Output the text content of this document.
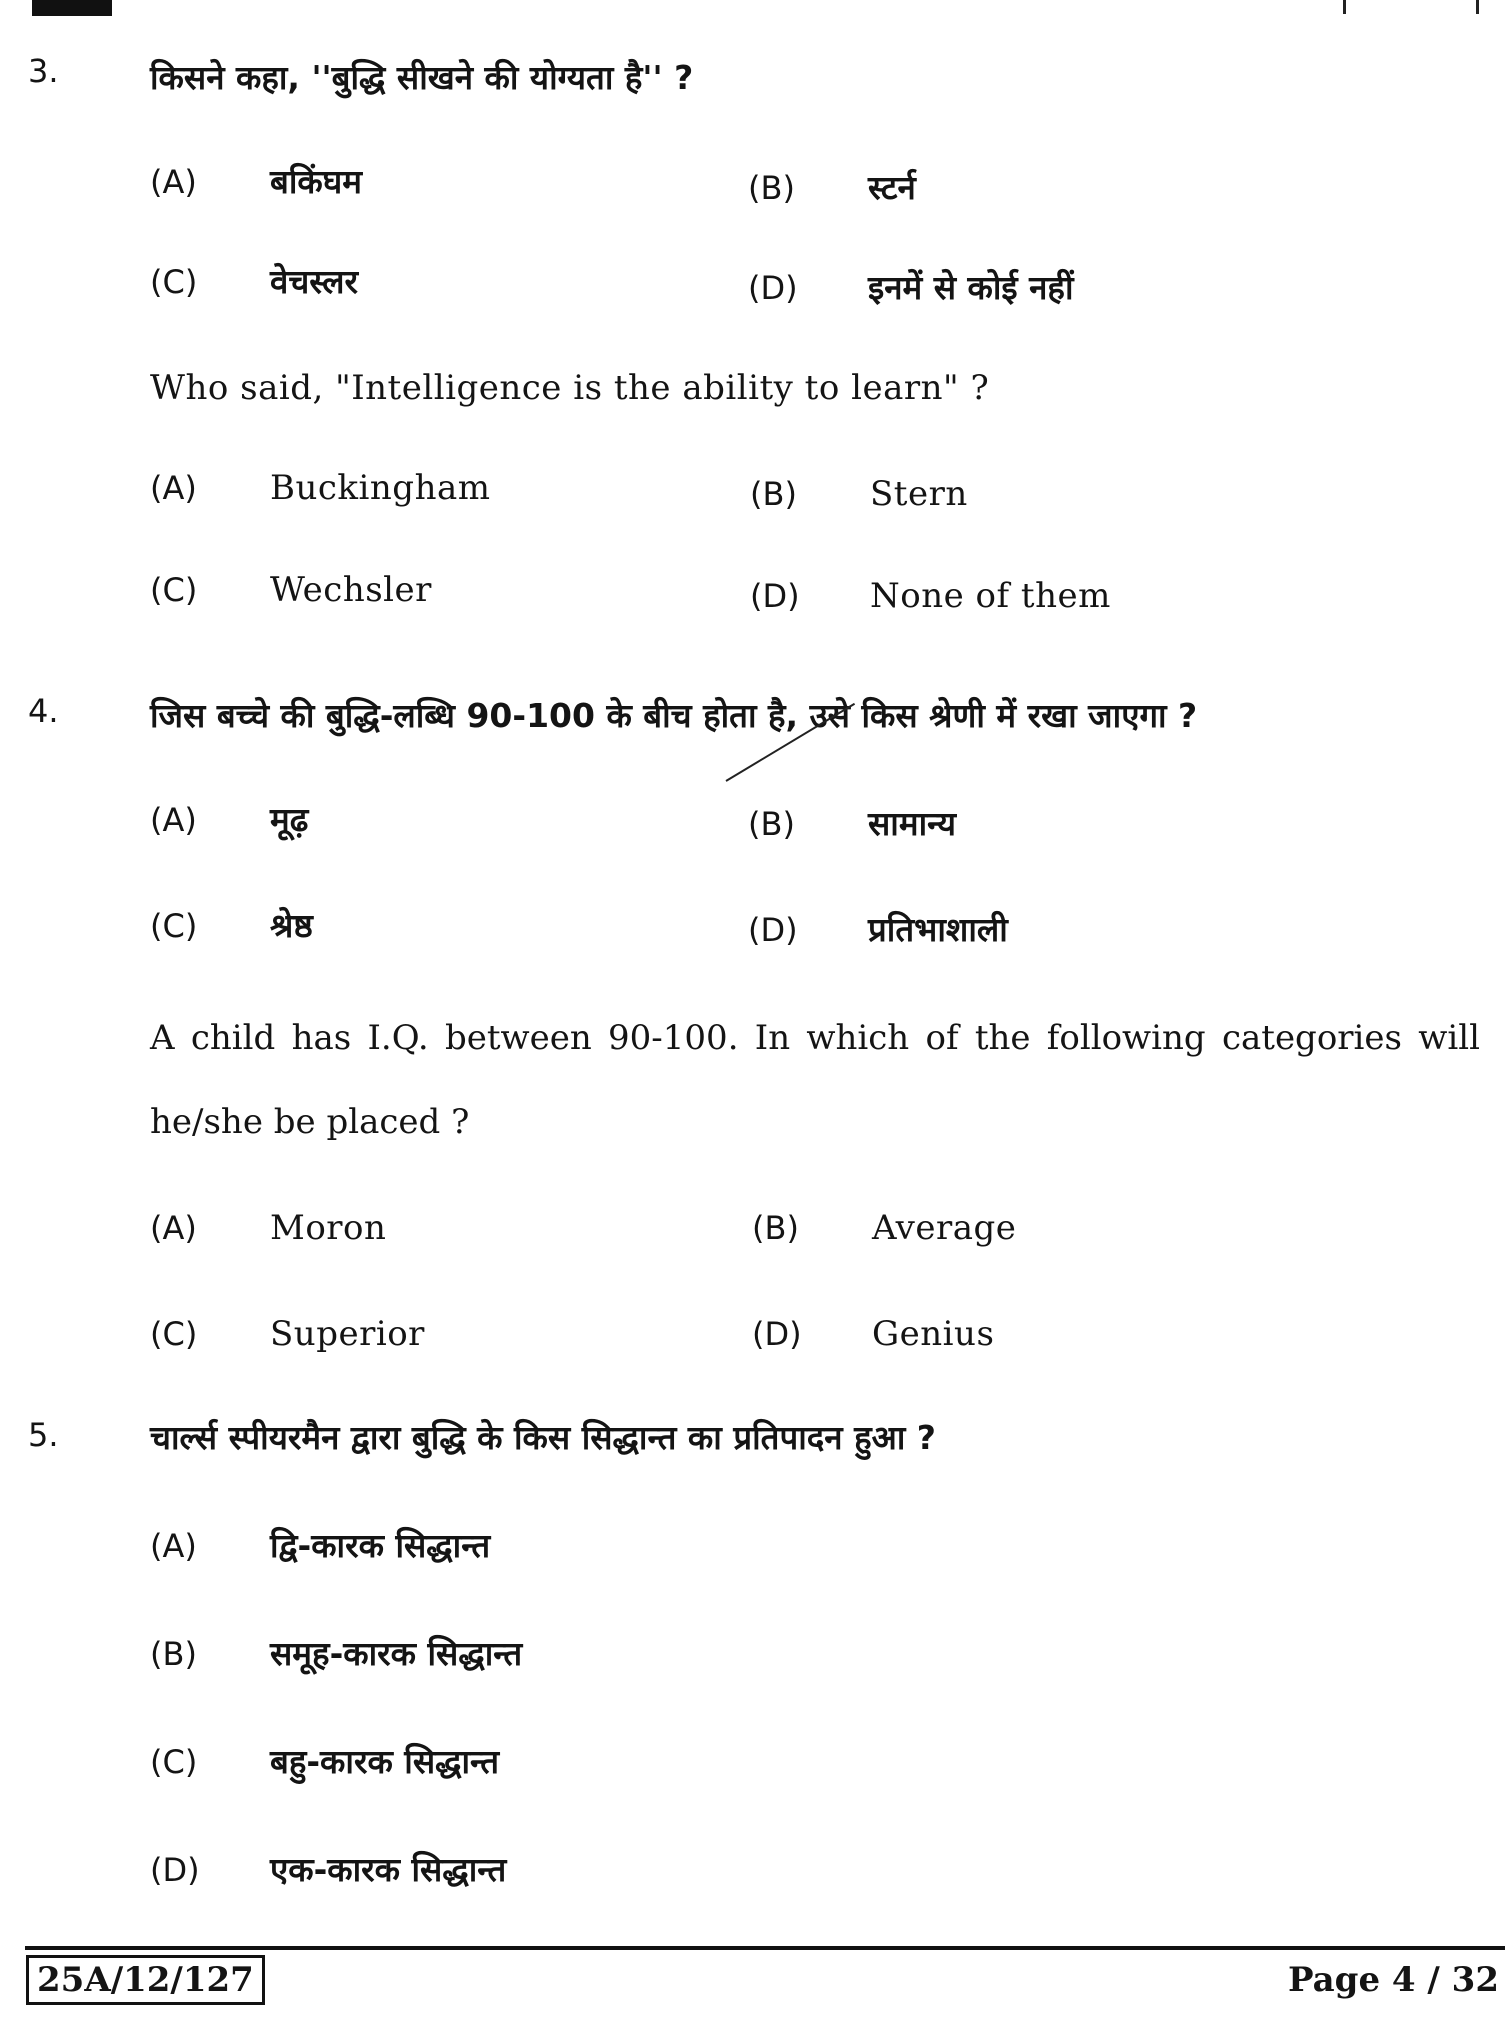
3.	किसने कहा, ''बुद्धि सीखने की योग्यता है'' ?
(A) बकिंघम	(B) स्टर्न
(C) वेचस्लर	(D) इनमें से कोई नहीं
Who said, "Intelligence is the ability to learn" ?
(A) Buckingham	(B) Stern
(C) Wechsler	(D) None of them
4.	जिस बच्चे की बुद्धि-लब्धि 90-100 के बीच होता है, उसे किस श्रेणी में रखा जाएगा ?
(A) मूढ़	(B) सामान्य
(C) श्रेष्ठ	(D) प्रतिभाशाली
A child has I.Q. between 90-100. In which of the following categories will he/she be placed ?
(A) Moron	(B) Average
(C) Superior	(D) Genius
5.	चार्ल्स स्पीयरमैन द्वारा बुद्धि के किस सिद्धान्त का प्रतिपादन हुआ ?
(A) द्वि-कारक सिद्धान्त
(B) समूह-कारक सिद्धान्त
(C) बहु-कारक सिद्धान्त
(D) एक-कारक सिद्धान्त
25A/12/127	Page 4 / 32
